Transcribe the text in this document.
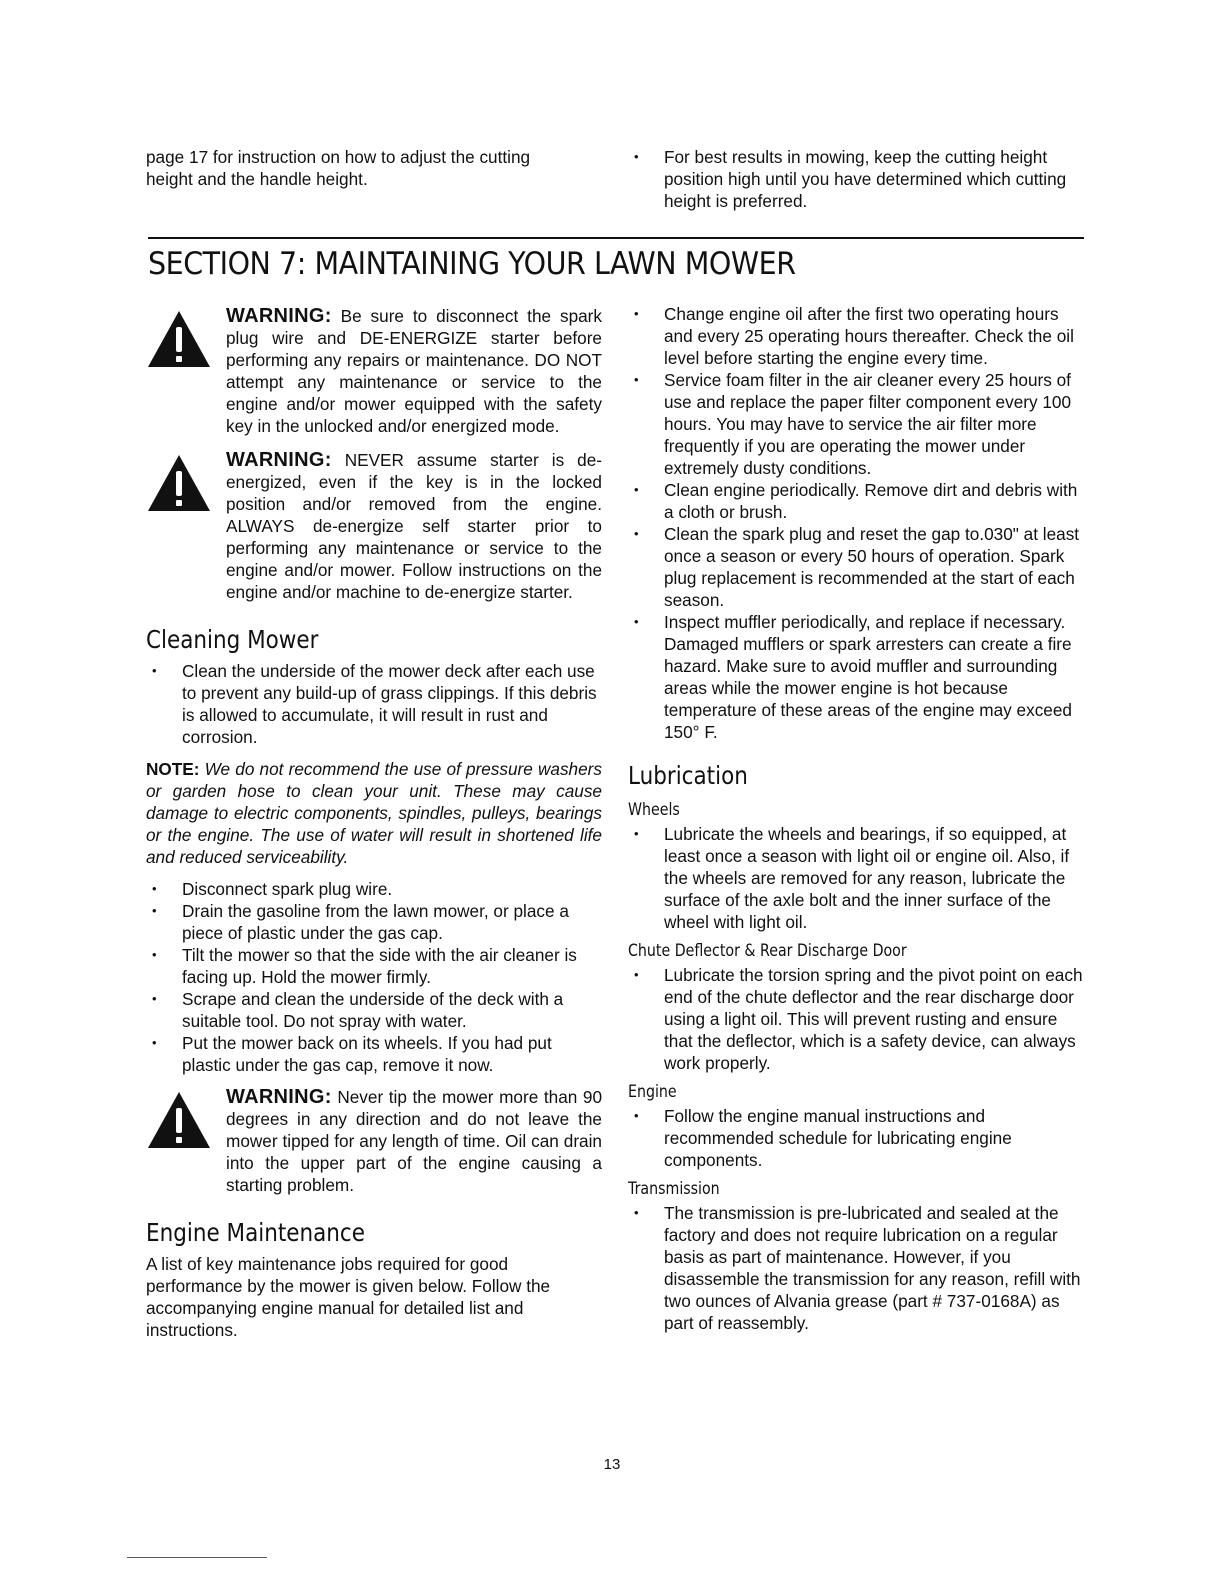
page 17 for instruction on how to adjust the cutting height and the handle height.

• For best results in mowing, keep the cutting height position high until you have determined which cutting height is preferred.

SECTION 7: MAINTAINING YOUR LAWN MOWER

WARNING: Be sure to disconnect the spark plug wire and DE-ENERGIZE starter before performing any repairs or maintenance. DO NOT attempt any maintenance or service to the engine and/or mower equipped with the safety key in the unlocked and/or energized mode.

WARNING: NEVER assume starter is de-energized, even if the key is in the locked position and/or removed from the engine. ALWAYS de-energize self starter prior to performing any maintenance or service to the engine and/or mower. Follow instructions on the engine and/or machine to de-energize starter.

Cleaning Mower

• Clean the underside of the mower deck after each use to prevent any build-up of grass clippings. If this debris is allowed to accumulate, it will result in rust and corrosion.

NOTE: We do not recommend the use of pressure washers or garden hose to clean your unit. These may cause damage to electric components, spindles, pulleys, bearings or the engine. The use of water will result in shortened life and reduced serviceability.

• Disconnect spark plug wire.

• Drain the gasoline from the lawn mower, or place a piece of plastic under the gas cap.

• Tilt the mower so that the side with the air cleaner is facing up. Hold the mower firmly.

• Scrape and clean the underside of the deck with a suitable tool. Do not spray with water.

• Put the mower back on its wheels. If you had put plastic under the gas cap, remove it now.

WARNING: Never tip the mower more than 90 degrees in any direction and do not leave the mower tipped for any length of time. Oil can drain into the upper part of the engine causing a starting problem.

Engine Maintenance

A list of key maintenance jobs required for good performance by the mower is given below. Follow the accompanying engine manual for detailed list and instructions.

• Change engine oil after the first two operating hours and every 25 operating hours thereafter. Check the oil level before starting the engine every time.

• Service foam filter in the air cleaner every 25 hours of use and replace the paper filter component every 100 hours. You may have to service the air filter more frequently if you are operating the mower under extremely dusty conditions.

• Clean engine periodically. Remove dirt and debris with a cloth or brush.

• Clean the spark plug and reset the gap to.030" at least once a season or every 50 hours of operation. Spark plug replacement is recommended at the start of each season.

• Inspect muffler periodically, and replace if necessary. Damaged mufflers or spark arresters can create a fire hazard. Make sure to avoid muffler and surrounding areas while the mower engine is hot because temperature of these areas of the engine may exceed 150° F.

Lubrication
Wheels

• Lubricate the wheels and bearings, if so equipped, at least once a season with light oil or engine oil. Also, if the wheels are removed for any reason, lubricate the surface of the axle bolt and the inner surface of the wheel with light oil.

Chute Deflector & Rear Discharge Door

• Lubricate the torsion spring and the pivot point on each end of the chute deflector and the rear discharge door using a light oil. This will prevent rusting and ensure that the deflector, which is a safety device, can always work properly.

Engine

• Follow the engine manual instructions and recommended schedule for lubricating engine components.

Transmission

• The transmission is pre-lubricated and sealed at the factory and does not require lubrication on a regular basis as part of maintenance. However, if you disassemble the transmission for any reason, refill with two ounces of Alvania grease (part # 737-0168A) as part of reassembly.

13
